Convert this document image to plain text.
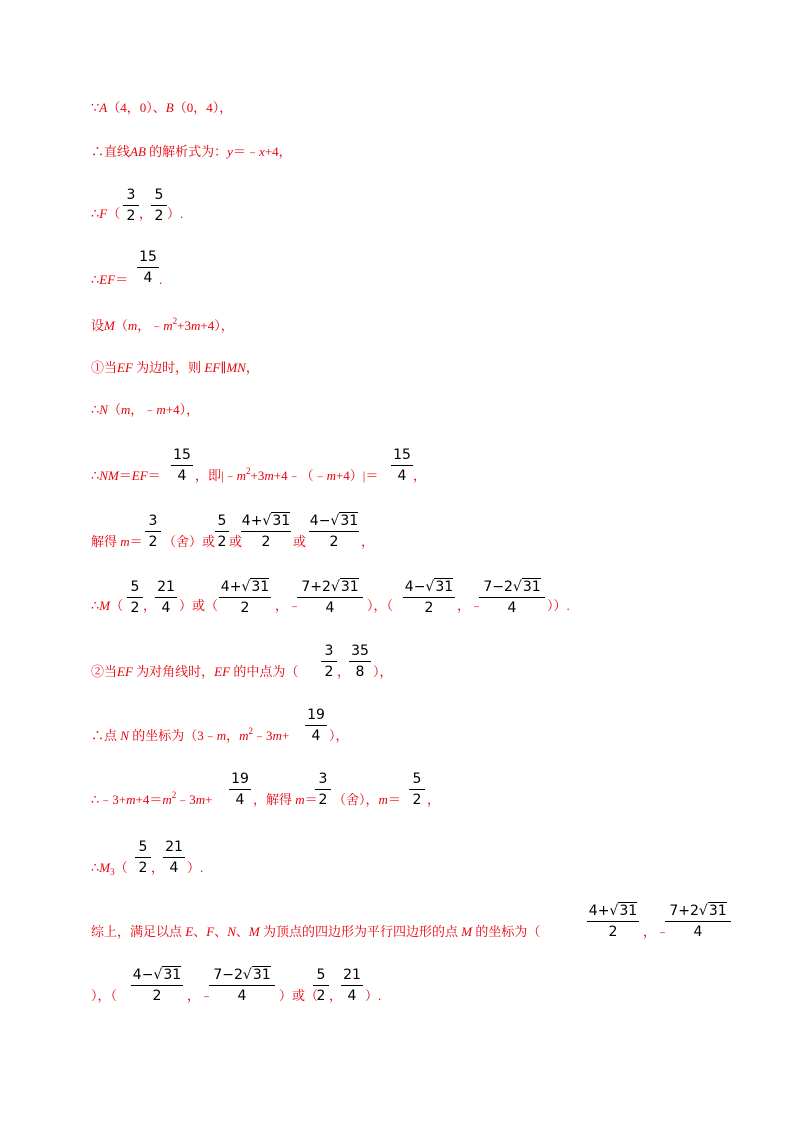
∵A（4，0）、B（0，4），
∴直线AB 的解析式为：y＝﹣x+4，
∴F（
3
2 ，
5
2 ）.
∴EF＝
15
4 .
设M（m，$﹣m^2+3m+4$），
①当EF 为边时，则 EF∥MN，
∴N（m，﹣m+4），
∴NM＝EF＝
15
4 ，即$|﹣m^2+3m+4﹣(﹣m+4)|=$
15
4 ，
解得 m＝
3
2 （舍）或
5
2 或
4+√31
2	或
4−√31
2	，
∴M（
5
2 ，
21
4 ）或（
4+√31
2	，﹣
7+2√31
4	），（
4−√31
2	，﹣
7−2√31
4	））.
②当EF 为对角线时，EF 的中点为（
3
2 ，
35
8 ），
∴点 N 的坐标为（3﹣m，$m^2﹣3m+$
19
4 ），
$\therefore﹣3+m+4=m^2﹣3m+$
19
4 ，解得 m＝
3
2 （舍），m＝
5
2 ，
$\therefore M_3$（
5
2 ，
21
4 ）.
综上，满足以点 E、F、N、M 为顶点的四边形为平行四边形的点 M 的坐标为（
4+√31
2	，﹣
7+2√31
4
），（
4−√31
2	，﹣
7−2√31
4	）或（
5
2 ，
21
4 ）.
